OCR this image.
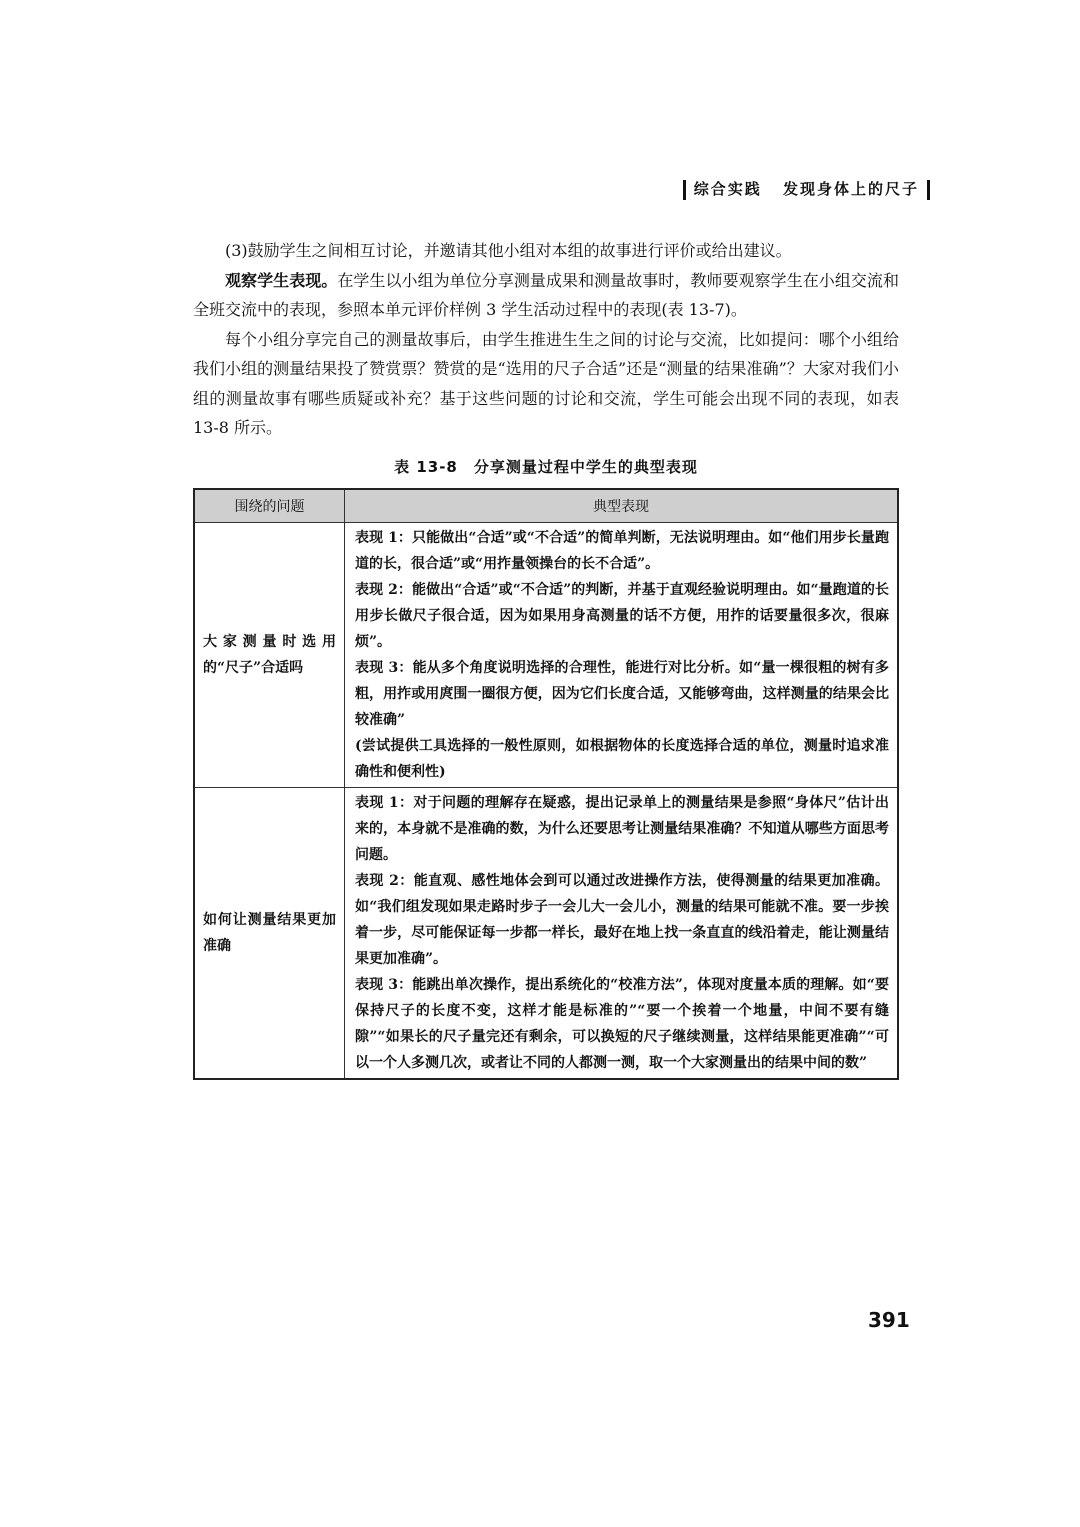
综合实践 发现身体上的尺子

(3)鼓励学生之间相互讨论，并邀请其他小组对本组的故事进行评价或给出建议。

观察学生表现。在学生以小组为单位分享测量成果和测量故事时，教师要观察学生在小组交流和全班交流中的表现，参照本单元评价样例 3 学生活动过程中的表现(表 13-7)。

每个小组分享完自己的测量故事后，由学生推进生生之间的讨论与交流，比如提问：哪个小组给我们小组的测量结果投了赞赏票？赞赏的是“选用的尺子合适”还是“测量的结果准确”？大家对我们小组的测量故事有哪些质疑或补充？基于这些问题的讨论和交流，学生可能会出现不同的表现，如表 13-8 所示。

表 13-8　分享测量过程中学生的典型表现
围绕的问题	典型表现
大家测量时选用的“尺子”合适吗	表现 1：只能做出“合适”或“不合适”的简单判断，无法说明理由。如“他们用步长量跑道的长，很合适”或“用拃量领操台的长不合适”。
表现 2：能做出“合适”或“不合适”的判断，并基于直观经验说明理由。如“量跑道的长用步长做尺子很合适，因为如果用身高测量的话不方便，用拃的话要量很多次，很麻烦”。
表现 3：能从多个角度说明选择的合理性，能进行对比分析。如“量一棵很粗的树有多粗，用拃或用庹围一圈很方便，因为它们长度合适，又能够弯曲，这样测量的结果会比较准确”
(尝试提供工具选择的一般性原则，如根据物体的长度选择合适的单位，测量时追求准确性和便利性)

如何让测量结果更加准确	表现 1：对于问题的理解存在疑惑，提出记录单上的测量结果是参照“身体尺”估计出来的，本身就不是准确的数，为什么还要思考让测量结果准确？不知道从哪些方面思考问题。
表现 2：能直观、感性地体会到可以通过改进操作方法，使得测量的结果更加准确。如“我们组发现如果走路时步子一会儿大一会儿小，测量的结果可能就不准。要一步挨着一步，尽可能保证每一步都一样长，最好在地上找一条直直的线沿着走，能让测量结果更加准确”。
表现 3：能跳出单次操作，提出系统化的“校准方法”，体现对度量本质的理解。如“要保持尺子的长度不变，这样才能是标准的”“要一个挨着一个地量，中间不要有缝隙”“如果长的尺子量完还有剩余，可以换短的尺子继续测量，这样结果能更准确”“可以一个人多测几次，或者让不同的人都测一测，取一个大家测量出的结果中间的数”
391
